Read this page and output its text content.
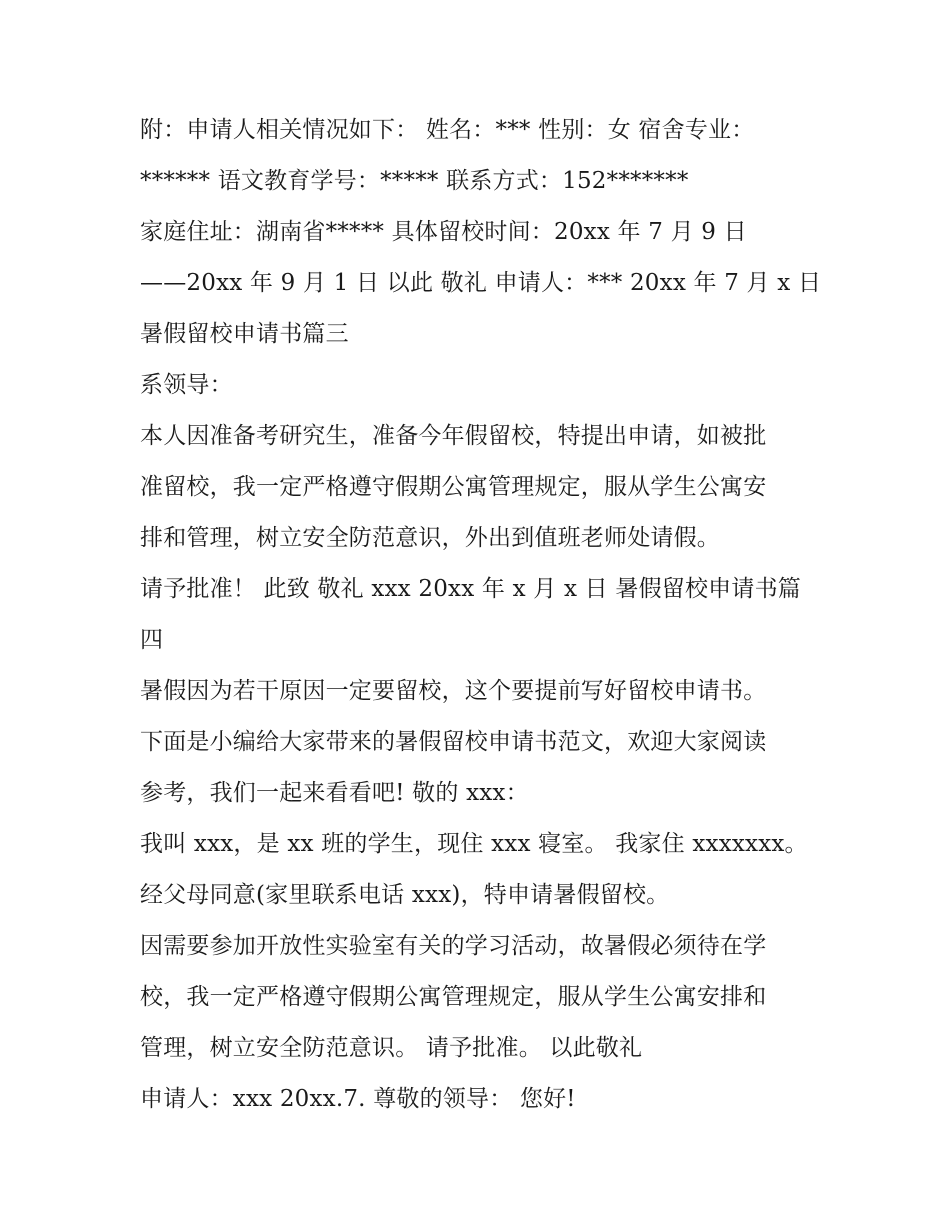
附：申请人相关情况如下： 姓名：*** 性别：女 宿舍专业：
****** 语文教育学号：***** 联系方式：152*******
家庭住址：湖南省***** 具体留校时间：20xx 年 7 月 9 日
——20xx 年 9 月 1 日 以此 敬礼 申请人：*** 20xx 年 7 月 x 日
暑假留校申请书篇三
系领导：
本人因准备考研究生，准备今年假留校，特提出申请，如被批
准留校，我一定严格遵守假期公寓管理规定，服从学生公寓安
排和管理，树立安全防范意识，外出到值班老师处请假。
请予批准！ 此致 敬礼 xxx 20xx 年 x 月 x 日 暑假留校申请书篇
四
暑假因为若干原因一定要留校，这个要提前写好留校申请书。
下面是小编给大家带来的暑假留校申请书范文，欢迎大家阅读
参考，我们一起来看看吧! 敬的 xxx：
我叫 xxx，是 xx 班的学生，现住 xxx 寝室。 我家住 xxxxxxx。
经父母同意(家里联系电话 xxx)，特申请暑假留校。
因需要参加开放性实验室有关的学习活动，故暑假必须待在学
校，我一定严格遵守假期公寓管理规定，服从学生公寓安排和
管理，树立安全防范意识。 请予批准。 以此敬礼
申请人：xxx 20xx.7. 尊敬的领导： 您好!
